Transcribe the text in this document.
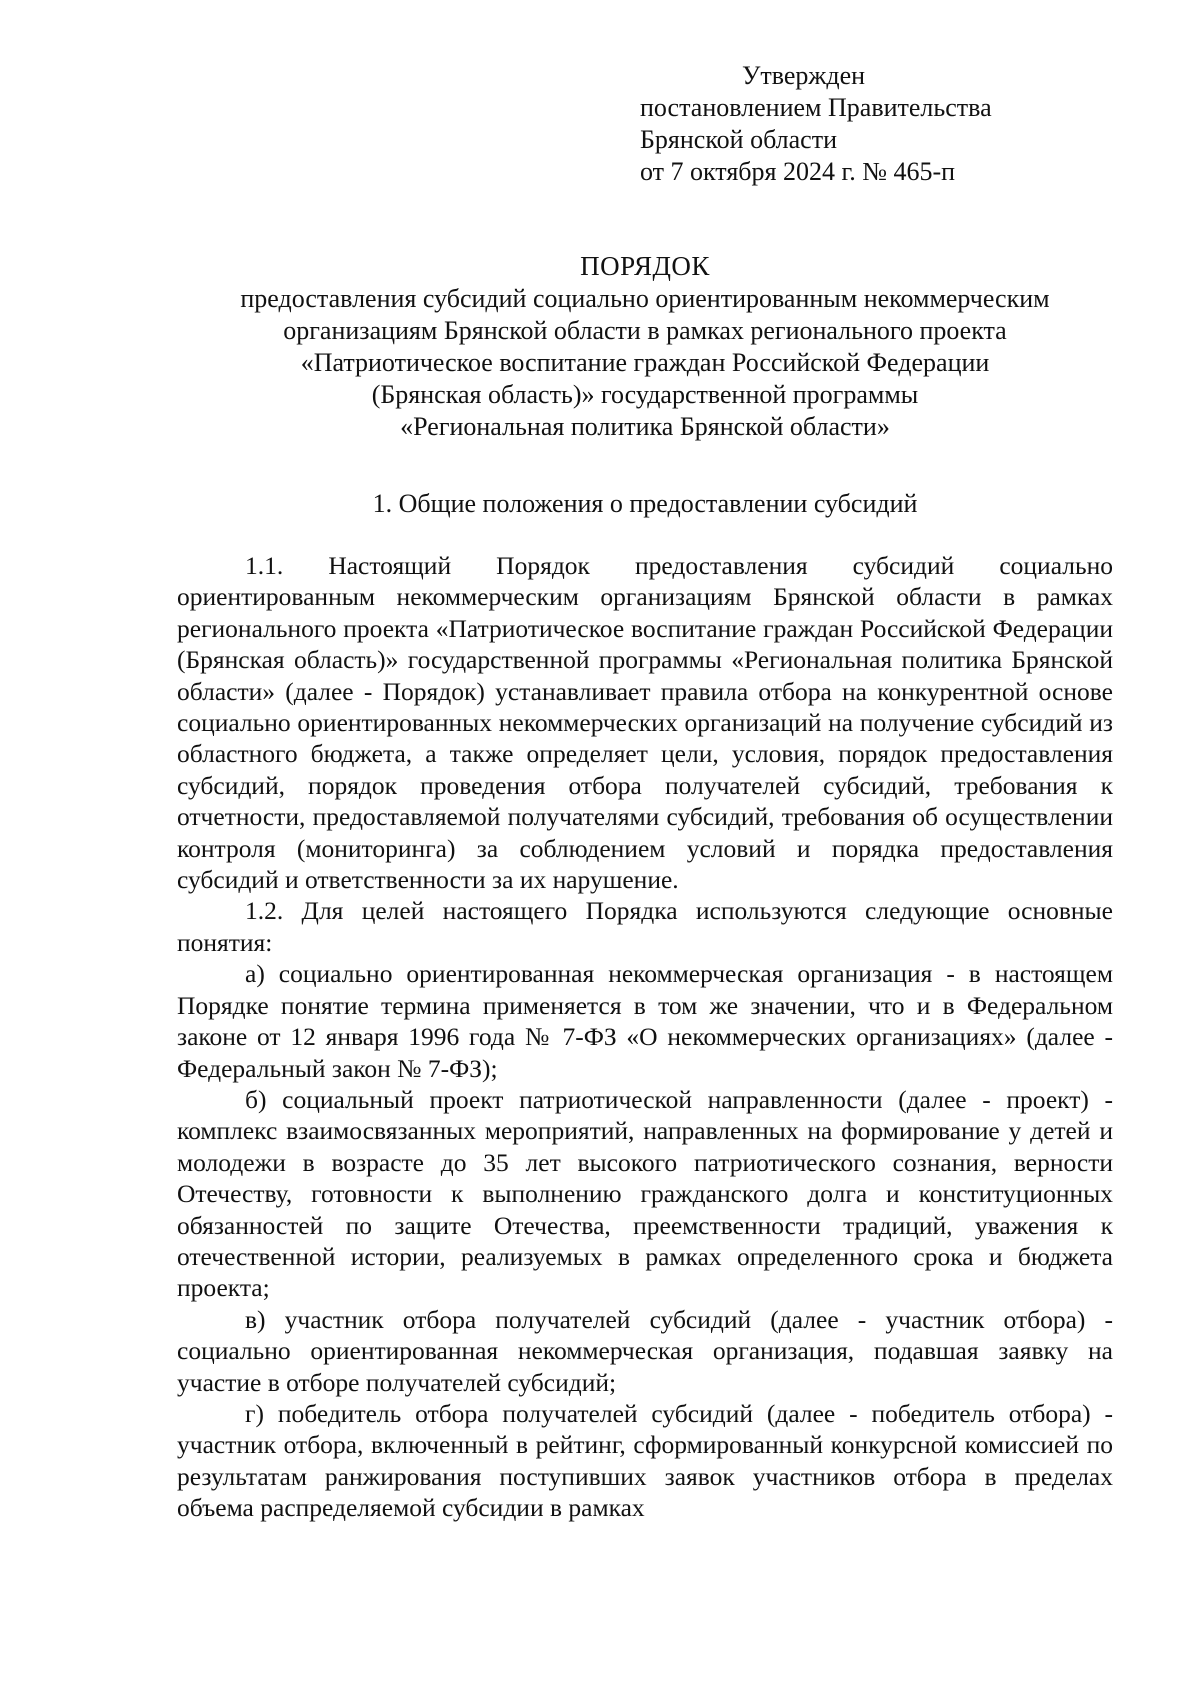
Утвержден
постановлением Правительства
Брянской области
от 7 октября 2024 г. № 465-п
ПОРЯДОК
предоставления субсидий социально ориентированным некоммерческим
организациям Брянской области в рамках регионального проекта
«Патриотическое воспитание граждан Российской Федерации
(Брянская область)» государственной программы
«Региональная политика Брянской области»
1. Общие положения о предоставлении субсидий

1.1. Настоящий Порядок предоставления субсидий социально ориентированным некоммерческим организациям Брянской области в рамках регионального проекта «Патриотическое воспитание граждан Российской Федерации (Брянская область)» государственной программы «Региональная политика Брянской области» (далее - Порядок) устанавливает правила отбора на конкурентной основе социально ориентированных некоммерческих организаций на получение субсидий из областного бюджета, а также определяет цели, условия, порядок предоставления субсидий, порядок проведения отбора получателей субсидий, требования к отчетности, предоставляемой получателями субсидий, требования об осуществлении контроля (мониторинга) за соблюдением условий и порядка предоставления субсидий и ответственности за их нарушение.

1.2. Для целей настоящего Порядка используются следующие основные понятия:

а) социально ориентированная некоммерческая организация - в настоящем Порядке понятие термина применяется в том же значении, что и в Федеральном законе от 12 января 1996 года № 7-ФЗ «О некоммерческих организациях» (далее - Федеральный закон № 7-ФЗ);

б) социальный проект патриотической направленности (далее - проект) - комплекс взаимосвязанных мероприятий, направленных на формирование у детей и молодежи в возрасте до 35 лет высокого патриотического сознания, верности Отечеству, готовности к выполнению гражданского долга и конституционных обязанностей по защите Отечества, преемственности традиций, уважения к отечественной истории, реализуемых в рамках определенного срока и бюджета проекта;

в) участник отбора получателей субсидий (далее - участник отбора) - социально ориентированная некоммерческая организация, подавшая заявку на участие в отборе получателей субсидий;

г) победитель отбора получателей субсидий (далее - победитель отбора) - участник отбора, включенный в рейтинг, сформированный конкурсной комиссией по результатам ранжирования поступивших заявок участников отбора в пределах объема распределяемой субсидии в рамках
